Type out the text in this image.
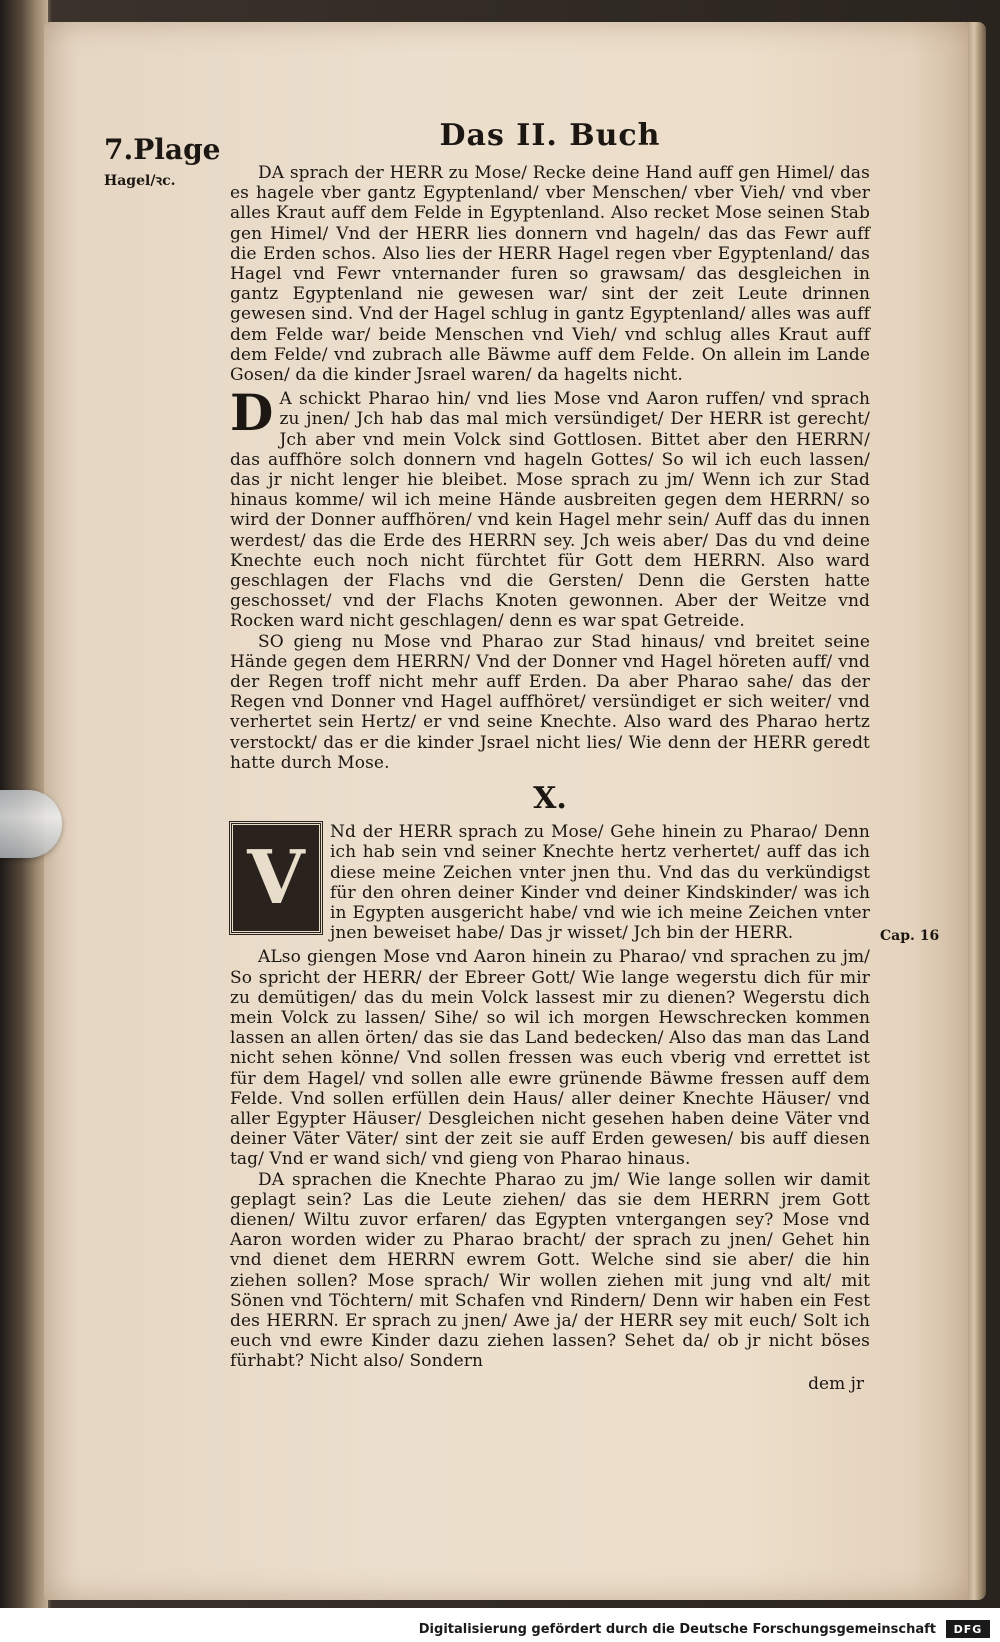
7.Plage
Hagel/ꝛc.
Cap. 16
Das II. Buch

DA sprach der HERR zu Mose/ Recke deine Hand auff gen Himel/ das es hagele vber gantz Egyptenland/ vber Menschen/ vber Vieh/ vnd vber alles Kraut auff dem Felde in Egyptenland. Also recket Mose seinen Stab gen Himel/ Vnd der HERR lies donnern vnd hageln/ das das Fewr auff die Erden schos. Also lies der HERR Hagel regen vber Egyptenland/ das Hagel vnd Fewr vnternander furen so grawsam/ das desgleichen in gantz Egyptenland nie gewesen war/ sint der zeit Leute drinnen gewesen sind. Vnd der Hagel schlug in gantz Egyptenland/ alles was auff dem Felde war/ beide Menschen vnd Vieh/ vnd schlug alles Kraut auff dem Felde/ vnd zubrach alle Bäwme auff dem Felde. On allein im Lande Gosen/ da die kinder Jsrael waren/ da hagelts nicht.

D A schickt Pharao hin/ vnd lies Mose vnd Aaron ruffen/ vnd sprach zu jnen/ Jch hab das mal mich versündiget/ Der HERR ist gerecht/ Jch aber vnd mein Volck sind Gottlosen. Bittet aber den HERRN/ das auffhöre solch donnern vnd hageln Gottes/ So wil ich euch lassen/ das jr nicht lenger hie bleibet. Mose sprach zu jm/ Wenn ich zur Stad hinaus komme/ wil ich meine Hände ausbreiten gegen dem HERRN/ so wird der Donner auffhören/ vnd kein Hagel mehr sein/ Auff das du innen werdest/ das die Erde des HERRN sey. Jch weis aber/ Das du vnd deine Knechte euch noch nicht fürchtet für Gott dem HERRN. Also ward geschlagen der Flachs vnd die Gersten/ Denn die Gersten hatte geschosset/ vnd der Flachs Knoten gewonnen. Aber der Weitze vnd Rocken ward nicht geschlagen/ denn es war spat Getreide.

SO gieng nu Mose vnd Pharao zur Stad hinaus/ vnd breitet seine Hände gegen dem HERRN/ Vnd der Donner vnd Hagel höreten auff/ vnd der Regen troff nicht mehr auff Erden. Da aber Pharao sahe/ das der Regen vnd Donner vnd Hagel auffhöret/ versündiget er sich weiter/ vnd verhertet sein Hertz/ er vnd seine Knechte. Also ward des Pharao hertz verstockt/ das er die kinder Jsrael nicht lies/ Wie denn der HERR geredt hatte durch Mose.

X.

V
Nd der HERR sprach zu Mose/ Gehe hinein zu Pharao/ Denn ich hab sein vnd seiner Knechte hertz verhertet/ auff das ich diese meine Zeichen vnter jnen thu. Vnd das du verkündigst für den ohren deiner Kinder vnd deiner Kindskinder/ was ich in Egypten ausgericht habe/ vnd wie ich meine Zeichen vnter jnen beweiset habe/ Das jr wisset/ Jch bin der HERR.

ALso giengen Mose vnd Aaron hinein zu Pharao/ vnd sprachen zu jm/ So spricht der HERR/ der Ebreer Gott/ Wie lange wegerstu dich für mir zu demütigen/ das du mein Volck lassest mir zu dienen? Wegerstu dich mein Volck zu lassen/ Sihe/ so wil ich morgen Hewschrecken kommen lassen an allen örten/ das sie das Land bedecken/ Also das man das Land nicht sehen könne/ Vnd sollen fressen was euch vberig vnd errettet ist für dem Hagel/ vnd sollen alle ewre grünende Bäwme fressen auff dem Felde. Vnd sollen erfüllen dein Haus/ aller deiner Knechte Häuser/ vnd aller Egypter Häuser/ Desgleichen nicht gesehen haben deine Väter vnd deiner Väter Väter/ sint der zeit sie auff Erden gewesen/ bis auff diesen tag/ Vnd er wand sich/ vnd gieng von Pharao hinaus.

DA sprachen die Knechte Pharao zu jm/ Wie lange sollen wir damit geplagt sein? Las die Leute ziehen/ das sie dem HERRN jrem Gott dienen/ Wiltu zuvor erfaren/ das Egypten vntergangen sey? Mose vnd Aaron worden wider zu Pharao bracht/ der sprach zu jnen/ Gehet hin vnd dienet dem HERRN ewrem Gott. Welche sind sie aber/ die hin ziehen sollen? Mose sprach/ Wir wollen ziehen mit jung vnd alt/ mit Sönen vnd Töchtern/ mit Schafen vnd Rindern/ Denn wir haben ein Fest des HERRN. Er sprach zu jnen/ Awe ja/ der HERR sey mit euch/ Solt ich euch vnd ewre Kinder dazu ziehen lassen? Sehet da/ ob jr nicht böses fürhabt? Nicht also/ Sondern

dem jr
Digitalisierung gefördert durch die Deutsche Forschungsgemeinschaft	DFG
